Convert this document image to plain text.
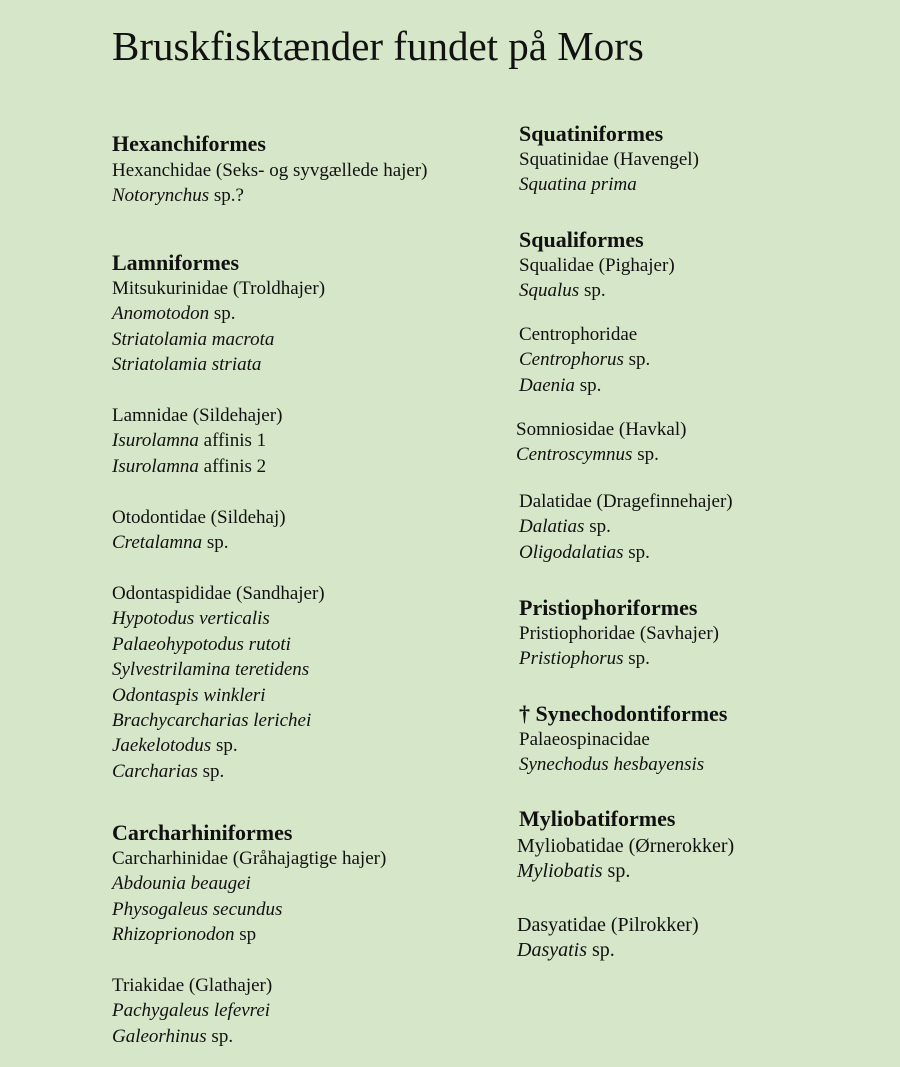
Bruskfisktænder fundet på Mors
Hexanchiformes
Hexanchidae (Seks- og syvgællede hajer)
Notorynchus sp.?
Lamniformes
Mitsukurinidae (Troldhajer)
Anomotodon sp.
Striatolamia macrota
Striatolamia striata
Lamnidae (Sildehajer)
Isurolamna affinis 1
Isurolamna affinis 2
Otodontidae (Sildehaj)
Cretalamna sp.
Odontaspididae (Sandhajer)
Hypotodus verticalis
Palaeohypotodus rutoti
Sylvestrilamina teretidens
Odontaspis winkleri
Brachycarcharias lerichei
Jaekelotodus sp.
Carcharias sp.
Carcharhiniformes
Carcharhinidae (Gråhajagtige hajer)
Abdounia beaugei
Physogaleus secundus
Rhizoprionodon sp
Triakidae (Glathajer)
Pachygaleus lefevrei
Galeorhinus sp.
Squatiniformes
Squatinidae (Havengel)
Squatina prima
Squaliformes
Squalidae (Pighajer)
Squalus sp.
Centrophoridae
Centrophorus sp.
Daenia sp.
Somniosidae (Havkal)
Centroscymnus sp.
Dalatidae (Dragefinnehajer)
Dalatias sp.
Oligodalatias sp.
Pristiophoriformes
Pristiophoridae (Savhajer)
Pristiophorus sp.
† Synechodontiformes
Palaeospinacidae
Synechodus hesbayensis
Myliobatiformes
Myliobatidae (Ørnerokker)
Myliobatis sp.
Dasyatidae (Pilrokker)
Dasyatis sp.
